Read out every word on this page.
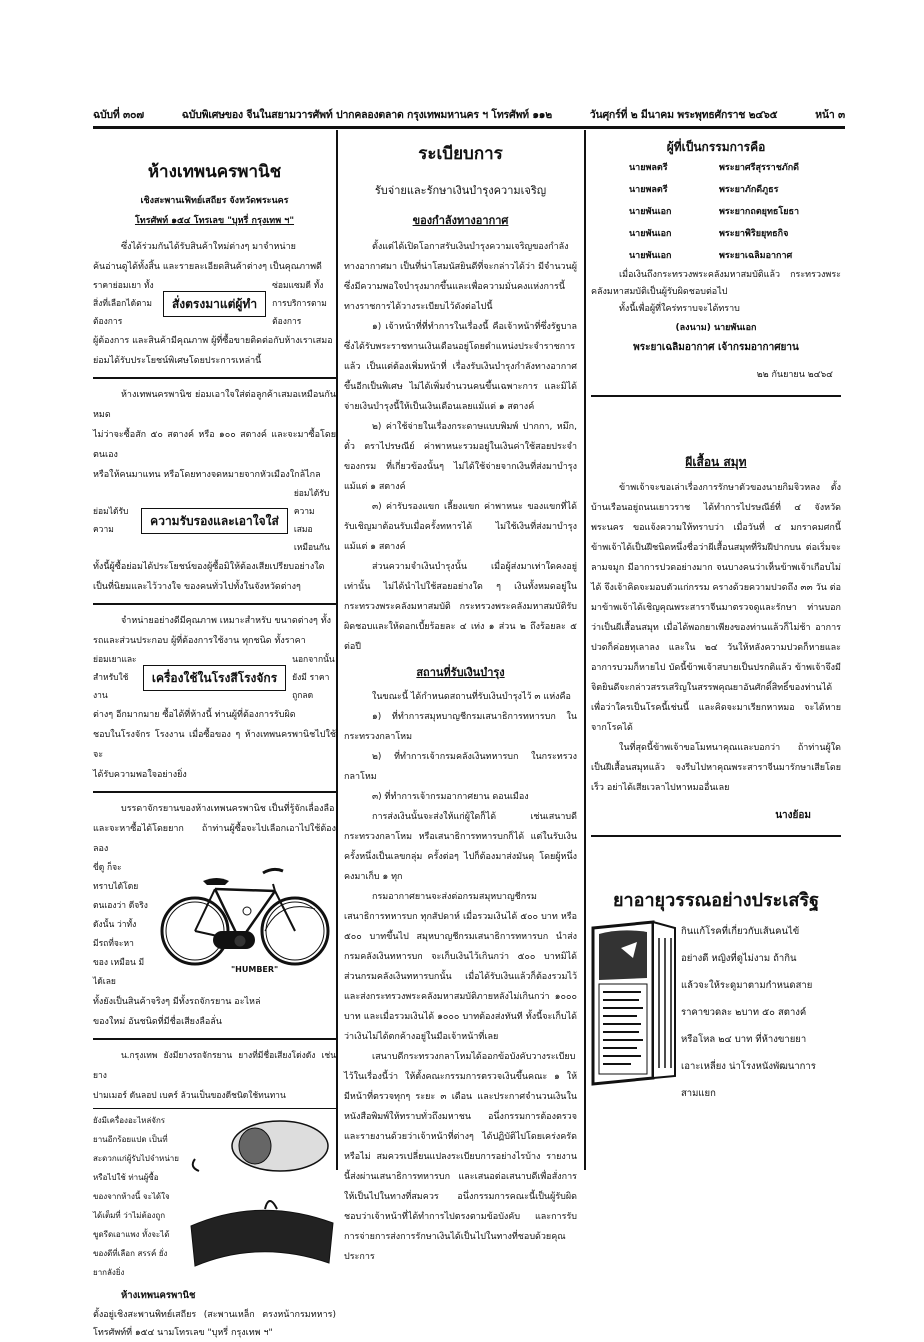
ฉบับที่ ๓๐๗	ฉบับพิเศษของ จีนในสยามวารศัพท์ ปากคลองตลาด กรุงเทพมหานคร ฯ โทรศัพท์ ๑๑๒	วันศุกร์ที่ ๒ มีนาคม พระพุทธศักราช ๒๔๖๕	หน้า ๓

ห้างเทพนครพานิช

เชิงสะพานเฟิทย์เสถียร จังหวัดพระนคร

โทรศัพท์ ๑๕๔ โทรเลข "บุหรี่ กรุงเทพ ฯ"

ซึ่งได้ร่วมกันได้รับสินค้าใหม่ต่างๆ มาจำหน่าย

ค้นอ่านดูได้ทั้งสิ้น และรายละเอียดสินค้าต่างๆ เป็นคุณภาพดี

ราคาย่อมเยา ทั้งสิ่งที่เลือกได้ตามต้องการ
สั่งตรงมาแต่ผู้ทำ
ซ่อมแซมดี ทั้งการบริการตามต้องการ

ผู้ต้องการ และสินค้ามีคุณภาพ ผู้ที่ซื้อขายติดต่อกับห้างเราเสมอ

ย่อมได้รับประโยชน์พิเศษโดยประการเหล่านี้

ห้างเทพนครพานิช ย่อมเอาใจใส่ต่อลูกค้าเสมอเหมือนกันหมด

ไม่ว่าจะซื้อสัก ๕๐ สตางค์ หรือ ๑๐๐ สตางค์ และจะมาซื้อโดยตนเอง

หรือให้คนมาแทน หรือโดยทางจดหมายจากหัวเมืองใกล้ไกล

ย่อมได้รับความ
ความรับรองและเอาใจใส่
ย่อมได้รับความ เสมอเหมือนกัน

ทั้งนี้ผู้ซื้อย่อมได้ประโยชน์ของผู้ซื้อมิให้ต้องเสียเปรียบอย่างใด

เป็นที่นิยมและไว้วางใจ ของคนทั่วไปทั้งในจังหวัดต่างๆ

จำหน่ายอย่างดีมีคุณภาพ เหมาะสำหรับ ขนาดต่างๆ ทั้ง

รถและส่วนประกอบ ผู้ที่ต้องการใช้งาน ทุกชนิด ทั้งราคา

ย่อมเยาและสำหรับใช้งาน
เครื่องใช้ในโรงสีโรงจักร
นอกจากนั้นยังมี ราคา ถูกลด

ต่างๆ อีกมากมาย ซื้อได้ที่ห้างนี้ ท่านผู้ที่ต้องการรับผิด

ชอบในโรงจักร โรงงาน เมื่อซื้อของ ๆ ห้างเทพนครพานิชไปใช้จะ

ได้รับความพอใจอย่างยิ่ง

บรรดาจักรยานของห้างเทพนครพานิช เป็นที่รู้จักเลื่องลือ

และจะหาซื้อได้โดยยาก ถ้าท่านผู้ซื้อจะไปเลือกเอาไปใช้ต้องลอง

ขี่ดู ก็จะ
ทราบได้โดย
ตนเองว่า ดีจริง
ดังนั้น ว่าทั้ง
มีรถที่จะหา
ของ เหมือน มี
ได้เลย
"HUMBER"

ทั้งยังเป็นสินค้าจริงๆ มีทั้งรถจักรยาน อะไหล่

ของใหม่ อันชนิดที่มีชื่อเสียงลือลั่น

น.กรุงเทพ ยังมียางรถจักรยาน ยางที่มีชื่อเสียงโด่งดัง เช่นยาง

ปามเมอร์ ดันลอป เบคร์ ล้วนเป็นของดีชนิดใช้ทนทาน

ยังมีเครื่องอะไหล่จักร
ยานอีกร้อยแปด เป็นที่
สะดวกแก่ผู้รับไปจำหน่าย
หรือไปใช้ ท่านผู้ซื้อ
ของจากห้างนี้ จะได้ใจ
ได้เต็มที่ ว่าไม่ต้องถูก
ขูดรีดเอาแพง ทั้งจะได้
ของดีที่เลือก สรรค์ ยั่ง
ยากลังยิ่ง

ห้างเทพนครพานิช

ตั้งอยู่เชิงสะพานพิทย์เสถียร (สะพานเหล็ก ตรงหน้ากรมทหาร) โทรศัพท์ที่ ๑๕๔ นามโทรเลข "บุหรี่ กรุงเทพ ฯ"

ระเบียบการ

รับจ่ายและรักษาเงินบำรุงความเจริญ

ของกำลังทางอากาศ

ตั้งแต่ได้เปิดโอกาสรับเงินบำรุงความเจริญของกำลังทางอากาศมา เป็นที่น่าโสมนัสยินดีที่จะกล่าวได้ว่า มีจำนวนผู้ซึ่งมีความพอใจบำรุงมากขึ้นและเพื่อความมั่นคงแห่งการนี้ ทางราชการได้วางระเบียบไว้ดังต่อไปนี้

๑) เจ้าหน้าที่ที่ทำการในเรื่องนี้ คือเจ้าหน้าที่ซึ่งรัฐบาลซึ่งได้รับพระราชทานเงินเดือนอยู่โดยตำแหน่งประจำราชการแล้ว เป็นแต่ต้องเพิ่มหน้าที่ เรื่องรับเงินบำรุงกำลังทางอากาศ ขึ้นอีกเป็นพิเศษ ไม่ได้เพิ่มจำนวนคนขึ้นเฉพาะการ และมิได้จ่ายเงินบำรุงนี้ให้เป็นเงินเดือนเลยแม้แต่ ๑ สตางค์

๒) ค่าใช้จ่ายในเรื่องกระดาษแบบพิมพ์ ปากกา, หมึก, ตั๋ว ตราไปรษณีย์ ค่าพาหนะรวมอยู่ในเงินค่าใช้สอยประจำของกรม ที่เกี่ยวข้องนั้นๆ ไม่ได้ใช้จ่ายจากเงินที่ส่งมาบำรุงแม้แต่ ๑ สตางค์

๓) ค่ารับรองแขก เลี้ยงแขก ค่าพาหนะ ของแขกที่ได้รับเชิญมาต้อนรับเมื่อครั้งทหารได้ ไม่ใช้เงินที่ส่งมาบำรุงแม้แต่ ๑ สตางค์

ส่วนความจำเงินบำรุงนั้น เมื่อผู้ส่งมาเท่าใดคงอยู่เท่านั้น ไม่ได้นำไปใช้สอยอย่างใด ๆ เงินทั้งหมดอยู่ในกระทรวงพระคลังมหาสมบัติ กระทรวงพระคลังมหาสมบัติรับผิดชอบและให้ดอกเบี้ยร้อยละ ๔ เท่ง ๑ ส่วน ๒ ถึงร้อยละ ๕ ต่อปี

สถานที่รับเงินบำรุง

ในขณะนี้ ได้กำหนดสถานที่รับเงินบำรุงไว้ ๓ แห่งคือ

๑) ที่ทำการสมุหบาญชีกรมเสนาธิการทหารบก ในกระทรวงกลาโหม

๒) ที่ทำการเจ้ากรมคลังเงินทหารบก ในกระทรวงกลาโหม

๓) ที่ทำการเจ้ากรมอากาศยาน ดอนเมือง

การส่งเงินนั้นจะส่งให้แก่ผู้ใดก็ได้ เช่นเสนาบดีกระทรวงกลาโหม หรือเสนาธิการทหารบกก็ได้ แต่ในรับเงินครั้งหนึ่งเป็นเลขกลุ่ม ครั้งต่อๆ ไปก็ต้องมาส่งมันดุ โดยผู้หนึ่งคงมาเก็บ ๑ ทุก

กรมอากาศยานจะส่งต่อกรมสมุหบาญชีกรมเสนาธิการทหารบก ทุกสัปดาห์ เมื่อรวมเงินได้ ๕๐๐ บาท หรือ ๕๐๐ บาทขึ้นไป สมุหบาญชีกรมเสนาธิการทหารบก นำส่งกรมคลังเงินทหารบก จะเก็บเงินไว้เกินกว่า ๕๐๐ บาทมิได้ ส่วนกรมคลังเงินทหารบกนั้น เมื่อได้รับเงินแล้วก็ต้องรวมไว้และส่งกระทรวงพระคลังมหาสมบัติภายหลังไม่เกินกว่า ๑๐๐๐ บาท และเมื่อรวมเงินได้ ๑๐๐๐ บาทต้องส่งทันที ทั้งนี้จะเก็บได้ว่าเงินไม่ได้ตกค้างอยู่ในมือเจ้าหน้าที่เลย

เสนาบดีกระทรวงกลาโหมได้ออกข้อบังคับวางระเบียบไว้ในเรื่องนี้ว่า ให้ตั้งคณะกรรมการตรวจเงินขึ้นคณะ ๑ ให้มีหน้าที่ตรวจทุกๆ ระยะ ๓ เดือน และประกาศจำนวนเงินในหนังสือพิมพ์ให้ทราบทั่วถึงมหาชน อนึ่งกรรมการต้องตรวจและรายงานด้วยว่าเจ้าหน้าที่ต่างๆ ได้ปฏิบัติไปโดยเคร่งครัดหรือไม่ สมควรเปลี่ยนแปลงระเบียบการอย่างไรบ้าง รายงานนี้ส่งผ่านเสนาธิการทหารบก และเสนอต่อเสนาบดีเพื่อสั่งการให้เป็นไปในทางที่สมควร อนึ่งกรรมการคณะนี้เป็นผู้รับผิดชอบว่าเจ้าหน้าที่ได้ทำการไปตรงตามข้อบังคับ และการรับการจ่ายการส่งการรักษาเงินได้เป็นไปในทางที่ชอบด้วยคุณประการ

ผู้ที่เป็นกรรมการคือ

นายพลตรี	พระยาศรีสุรราชภักดี
นายพลตรี	พระยาภักดีภูธร
นายพันเอก	พระยากถตยุทธโยธา
นายพันเอก	พระยาพิริยยุทธกิจ
นายพันเอก	พระยาเฉลิมอากาศ

เมื่อเงินถึงกระทรวงพระคลังมหาสมบัติแล้ว กระทรวงพระคลังมหาสมบัติเป็นผู้รับผิดชอบต่อไป

ทั้งนี้เพื่อผู้ที่ใคร่ทราบจะได้ทราบ

(ลงนาม) นายพันเอก

พระยาเฉลิมอากาศ เจ้ากรมอากาศยาน

๒๒ กันยายน ๒๔๖๔

ผีเสื้อน สมุท

ข้าพเจ้าจะขอเล่าเรื่องการรักษาตัวของนายกิมจิวหลง ตั้งบ้านเรือนอยู่ถนนเยาวราช ได้ทำการไปรษณีย์ที่ ๔ จังหวัดพระนคร ขอแจ้งความให้ทราบว่า เมื่อวันที่ ๔ มกราคมศกนี้ ข้าพเจ้าได้เป็นฝีชนิดหนึ่งชื่อว่าผีเสื้อนสมุทที่ริมฝีปากบน ต่อเริ่มจะลามจมูก มีอาการปวดอย่างมาก จนบางคนว่าเห็นข้าพเจ้าเกือบไม่ได้ จึงเจ้าคิดจะมอบตัวแก่กรรม ครางด้วยความปวดถึง ๓๓ วัน ต่อมาข้าพเจ้าได้เชิญคุณพระสาราจีนมาตรวจดูและรักษา ท่านบอกว่าเป็นผีเสื้อนสมุท เมื่อได้พอกยาเพียงของท่านแล้วก็ไม่ช้า อาการปวดก็ค่อยทุเลาลง และใน ๒๔ วันให้หลังความปวดก็หายและอาการบวมก็หายไป บัดนี้ข้าพเจ้าสบายเป็นปรกติแล้ว ข้าพเจ้าจึงมีจิตยินดีจะกล่าวสรรเสริญในสรรพคุณยาอันศักดิ์สิทธิ์ของท่านได้ เพื่อว่าใครเป็นโรคนี้เช่นนี้ และคิดจะมาเรียกหาหมอ จะได้หายจากโรคได้

ในที่สุดนี้ข้าพเจ้าขอโมทนาคุณและบอกว่า ถ้าท่านผู้ใดเป็นฝีเสื้อนสมุทแล้ว จงรีบไปหาคุณพระสาราจีนมารักษาเสียโดยเร็ว อย่าได้เสียเวลาไปหาหมออื่นเลย

นางย้อม

ยาอายุวรรณอย่างประเสริฐ

กินแก้โรคที่เกี่ยวกับเส้นคนไข้
อย่างดี หญิงที่ดูไม่งาม ถ้ากิน
แล้วจะให้ระดูมาตามกำหนดสาย
ราคาขวดละ ๒บาท ๕๐ สตางค์
หรือโหล ๒๔ บาท ที่ห้างขายยา
เอาะเหลี่ยง น่าโรงหนังพัฒนาการ
สามแยก
